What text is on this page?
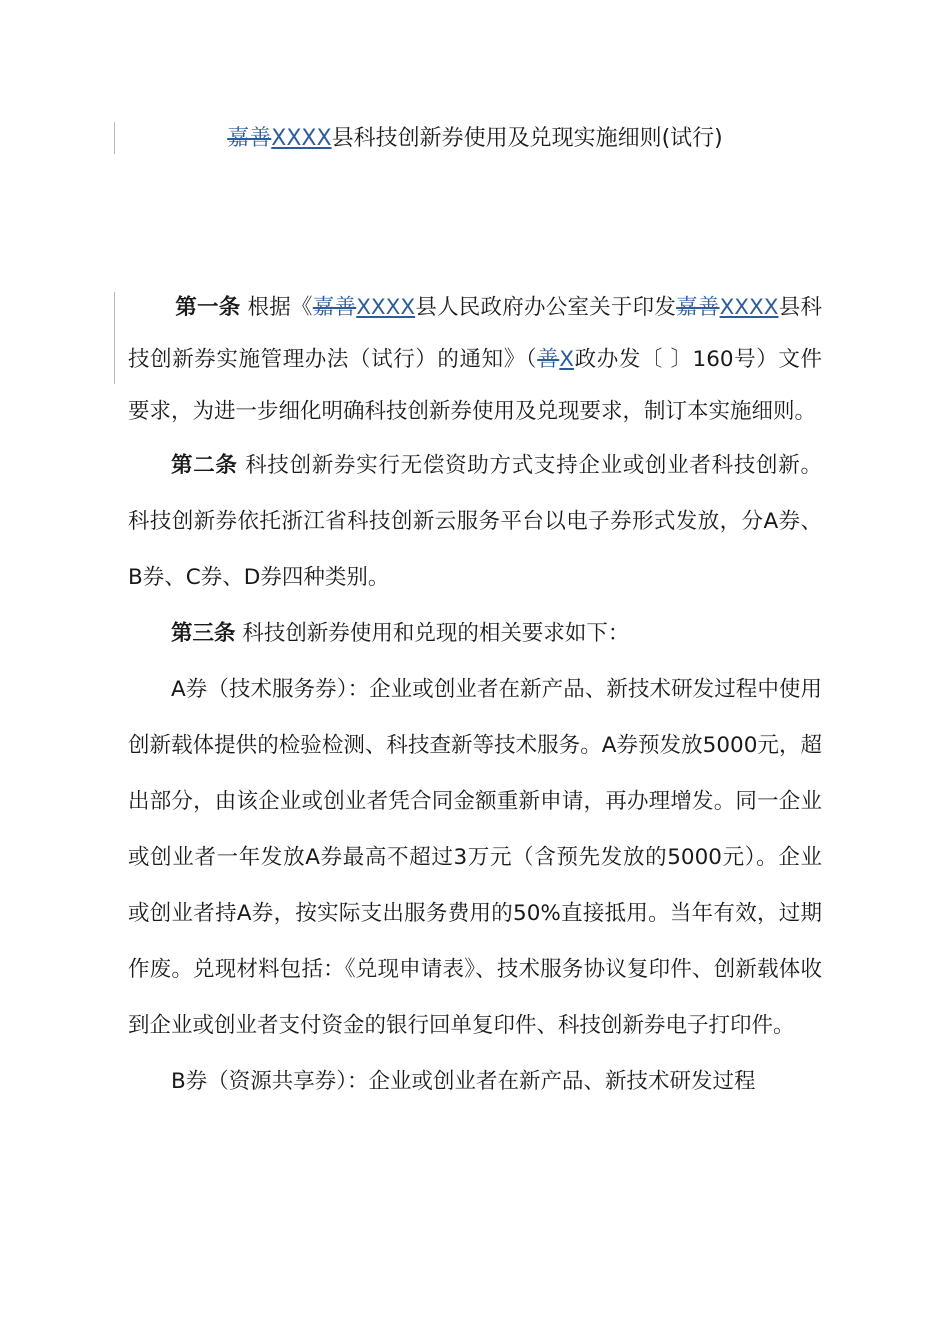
嘉善XXXX县科技创新券使用及兑现实施细则(试行)

第一条 根据《嘉善XXXX县人民政府办公室关于印发嘉善XXXX县科技创新券实施管理办法（试行）的通知》（善X政办发〔 〕160号）文件要求，为进一步细化明确科技创新券使用及兑现要求，制订本实施细则。

第二条 科技创新券实行无偿资助方式支持企业或创业者科技创新。科技创新券依托浙江省科技创新云服务平台以电子券形式发放，分A券、B券、C券、D券四种类别。

第三条 科技创新券使用和兑现的相关要求如下：

A券（技术服务券）：企业或创业者在新产品、新技术研发过程中使用创新载体提供的检验检测、科技查新等技术服务。A券预发放5000元，超出部分，由该企业或创业者凭合同金额重新申请，再办理增发。同一企业或创业者一年发放A券最高不超过3万元（含预先发放的5000元）。企业或创业者持A券，按实际支出服务费用的50%直接抵用。当年有效，过期作废。兑现材料包括：《兑现申请表》、技术服务协议复印件、创新载体收到企业或创业者支付资金的银行回单复印件、科技创新券电子打印件。

B券（资源共享券）：企业或创业者在新产品、新技术研发过程
